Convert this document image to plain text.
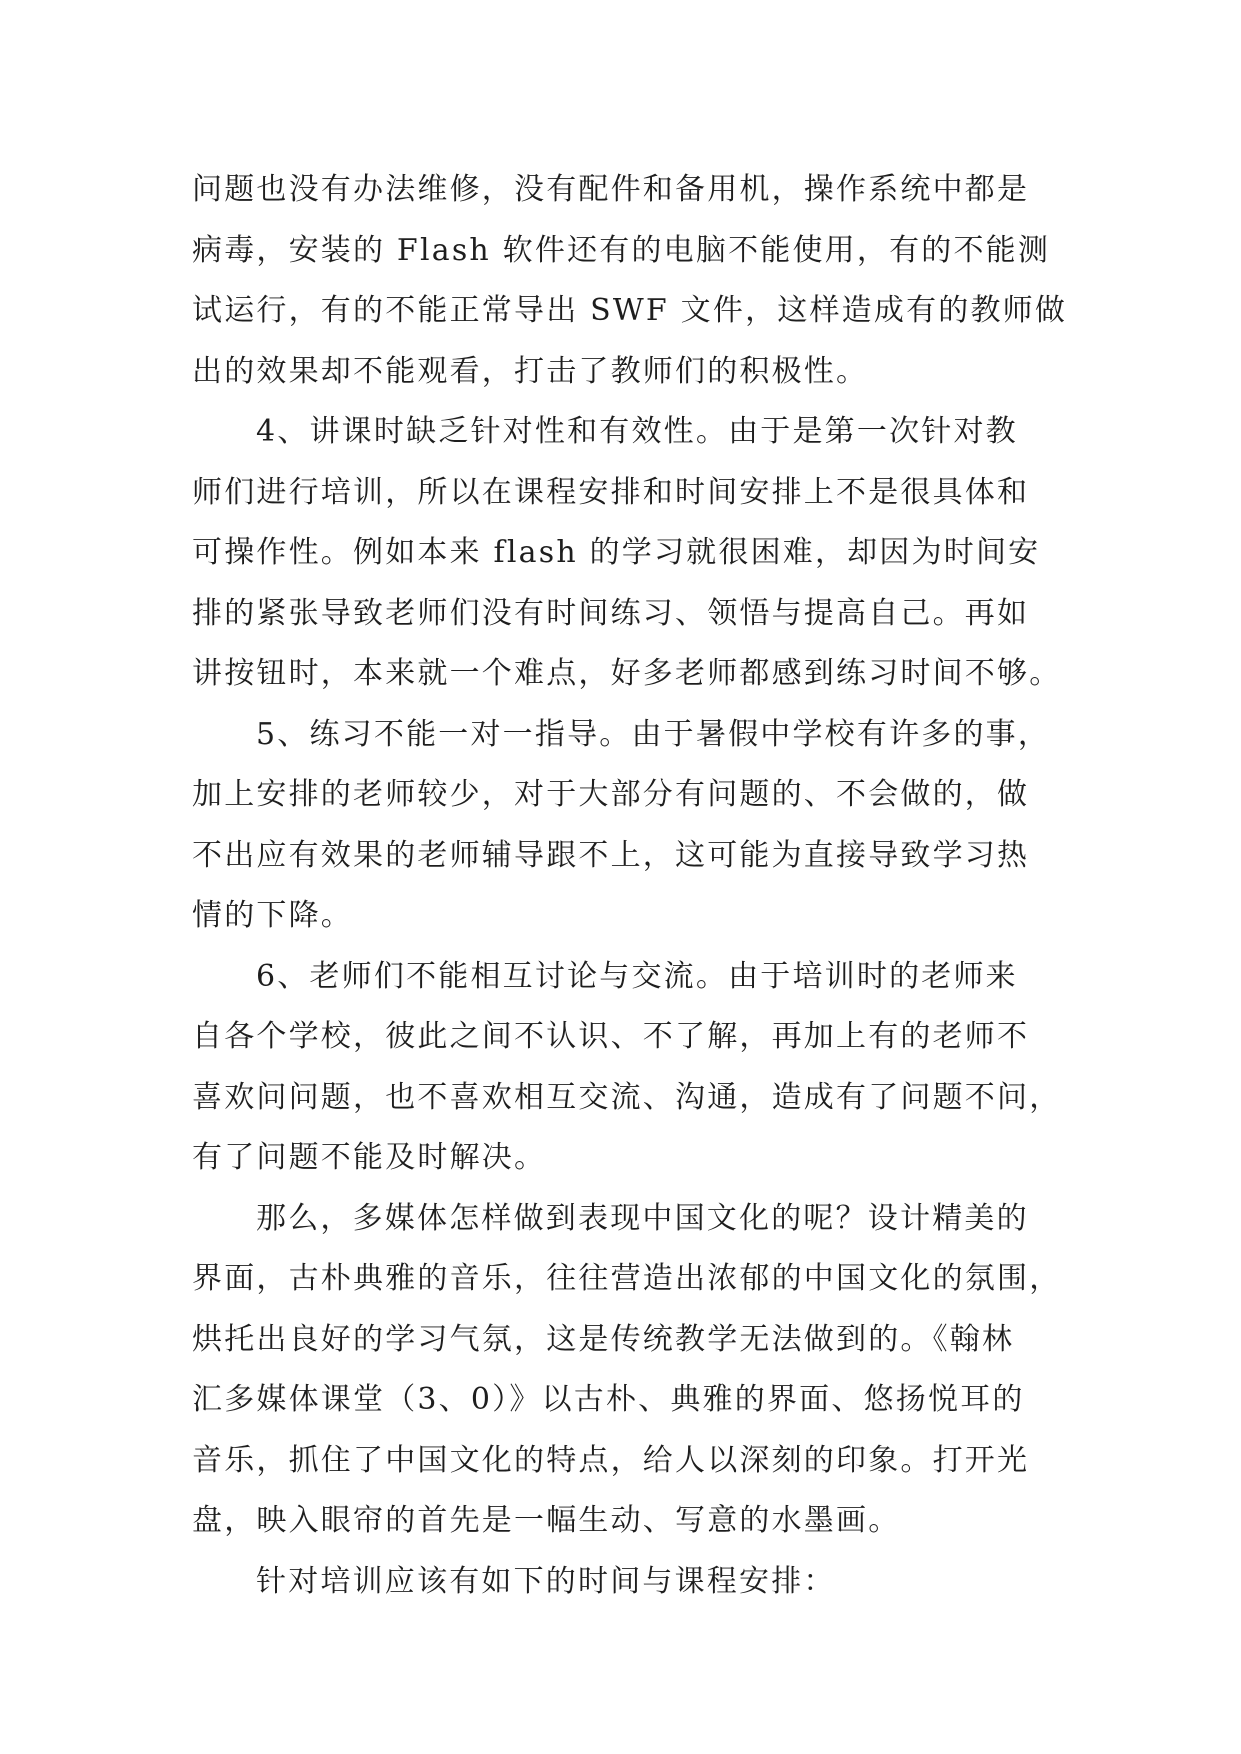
问题也没有办法维修，没有配件和备用机，操作系统中都是
病毒，安装的 Flash 软件还有的电脑不能使用，有的不能测
试运行，有的不能正常导出 SWF 文件，这样造成有的教师做
出的效果却不能观看，打击了教师们的积极性。

4、讲课时缺乏针对性和有效性。由于是第一次针对教
师们进行培训，所以在课程安排和时间安排上不是很具体和
可操作性。例如本来 flash 的学习就很困难，却因为时间安
排的紧张导致老师们没有时间练习、领悟与提高自己。再如
讲按钮时，本来就一个难点，好多老师都感到练习时间不够。

5、练习不能一对一指导。由于暑假中学校有许多的事，
加上安排的老师较少，对于大部分有问题的、不会做的，做
不出应有效果的老师辅导跟不上，这可能为直接导致学习热
情的下降。

6、老师们不能相互讨论与交流。由于培训时的老师来
自各个学校，彼此之间不认识、不了解，再加上有的老师不
喜欢问问题，也不喜欢相互交流、沟通，造成有了问题不问，
有了问题不能及时解决。

那么，多媒体怎样做到表现中国文化的呢？设计精美的
界面，古朴典雅的音乐，往往营造出浓郁的中国文化的氛围，
烘托出良好的学习气氛，这是传统教学无法做到的。《翰林
汇多媒体课堂（3、0）》以古朴、典雅的界面、悠扬悦耳的
音乐，抓住了中国文化的特点，给人以深刻的印象。打开光
盘，映入眼帘的首先是一幅生动、写意的水墨画。

针对培训应该有如下的时间与课程安排：
